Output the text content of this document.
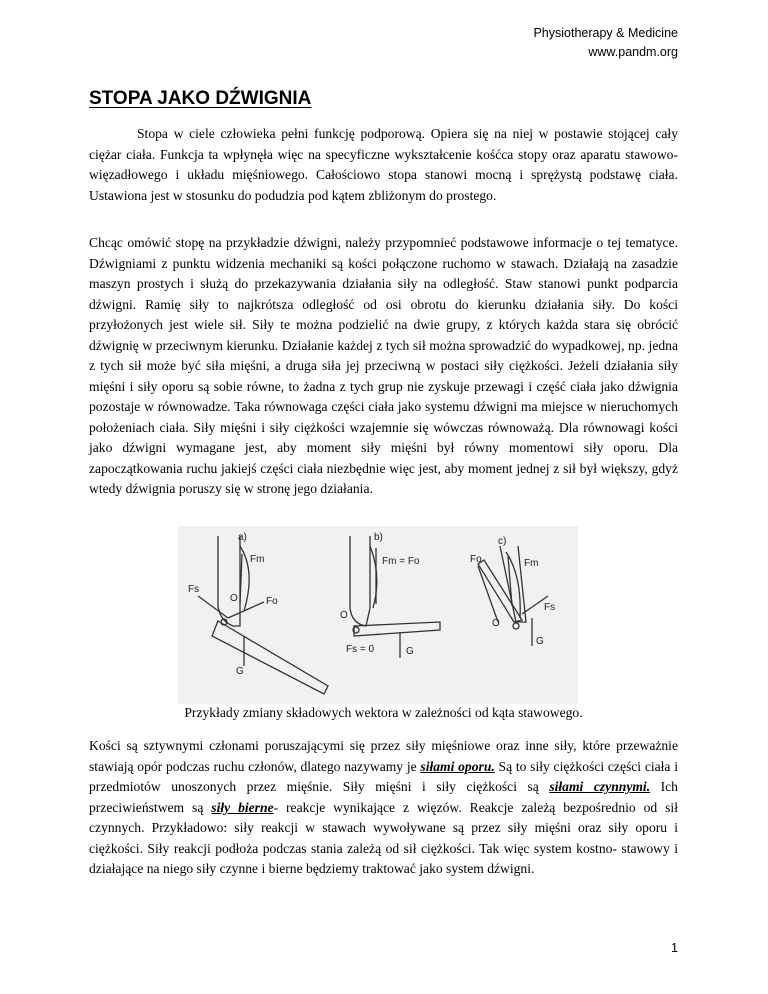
Physiotherapy & Medicine
www.pandm.org
STOPA JAKO DŹWIGNIA
Stopa w ciele człowieka pełni funkcję podporową. Opiera się na niej w postawie stojącej cały ciężar ciała. Funkcja ta wpłynęła więc na specyficzne wykształcenie kośćca stopy oraz aparatu stawowo-więzadłowego i układu mięśniowego. Całościowo stopa stanowi mocną i sprężystą podstawę ciała. Ustawiona jest w stosunku do podudzia pod kątem zbliżonym do prostego.
Chcąc omówić stopę na przykładzie dźwigni, należy przypomnieć podstawowe informacje o tej tematyce. Dźwigniami z punktu widzenia mechaniki są kości połączone ruchomo w stawach. Działają na zasadzie maszyn prostych i służą do przekazywania działania siły na odległość. Staw stanowi punkt podparcia dźwigni. Ramię siły to najkrótsza odległość od osi obrotu do kierunku działania siły. Do kości przyłożonych jest wiele sił. Siły te można podzielić na dwie grupy, z których każda stara się obrócić dźwignię w przeciwnym kierunku. Działanie każdej z tych sił można sprowadzić do wypadkowej, np. jedna z tych sił może być siła mięśni, a druga siła jej przeciwną w postaci siły ciężkości. Jeżeli działania siły mięśni i siły oporu są sobie równe, to żadna z tych grup nie zyskuje przewagi i część ciała jako dźwignia pozostaje w równowadze. Taka równowaga części ciała jako systemu dźwigni ma miejsce w nieruchomych położeniach ciała. Siły mięśni i siły ciężkości wzajemnie się wówczas równoważą. Dla równowagi kości jako dźwigni wymagane jest, aby moment siły mięśni był równy momentowi siły oporu. Dla zapoczątkowania ruchu jakiejś części ciała niezbędnie więc jest, aby moment jednej z sił był większy, gdyż wtedy dźwignia poruszy się w stronę jego działania.
a)
Fm
Fs
Fo
O
G
b)
Fm = Fo
O
Fs = 0	G
c)
Fm
Fo
Fs
O
G
Przykłady zmiany składowych wektora w zależności od kąta stawowego.
Kości są sztywnymi członami poruszającymi się przez siły mięśniowe oraz inne siły, które przeważnie stawiają opór podczas ruchu członów, dlatego nazywamy je siłami oporu. Są to siły ciężkości części ciała i przedmiotów unoszonych przez mięśnie. Siły mięśni i siły ciężkości są siłami czynnymi. Ich przeciwieństwem są siły bierne- reakcje wynikające z więzów. Reakcje zależą bezpośrednio od sił czynnych. Przykładowo: siły reakcji w stawach wywoływane są przez siły mięśni oraz siły oporu i ciężkości. Siły reakcji podłoża podczas stania zależą od sił ciężkości. Tak więc system kostno- stawowy i działające na niego siły czynne i bierne będziemy traktować jako system dźwigni.
1
